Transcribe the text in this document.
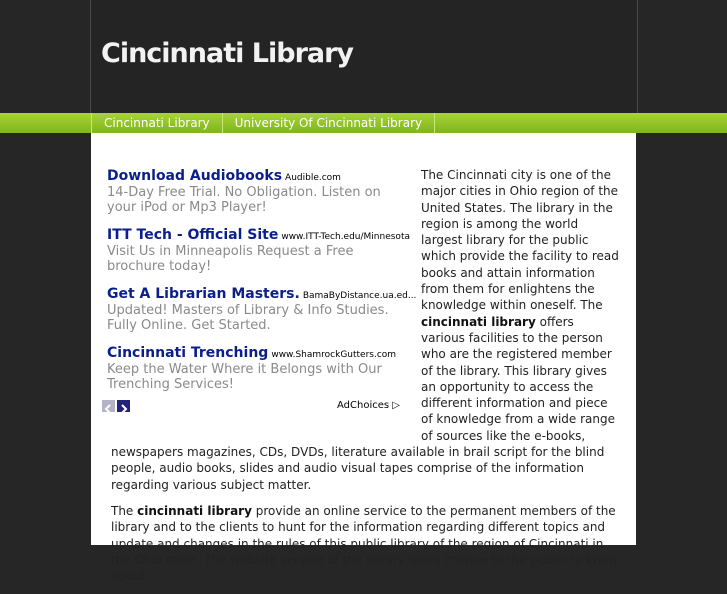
Cincinnati Library
Cincinnati Library	University Of Cincinnati Library
Download Audiobooks Audible.com
14-Day Free Trial. No Obligation. Listen on your iPod or Mp3 Player!
ITT Tech - Official Site www.ITT-Tech.edu/Minnesota
Visit Us in Minneapolis Request a Free brochure today!
Get A Librarian Masters. BamaByDistance.ua.ed...
Updated! Masters of Library & Info Studies. Fully Online. Get Started.
Cincinnati Trenching www.ShamrockGutters.com
Keep the Water Where it Belongs with Our Trenching Services!
AdChoices ▷

The Cincinnati city is one of the major cities in Ohio region of the United States. The library in the region is among the world largest library for the public which provide the facility to read books and attain information from them for enlightens the knowledge within oneself. The cincinnati library offers various facilities to the person who are the registered member of the library. This library gives an opportunity to access the different information and piece of knowledge from a wide range of sources like the e-books, newspapers magazines, CDs, DVDs, literature available in brail script for the blind people, audio books, slides and audio visual tapes comprise of the information regarding various subject matter.

The cincinnati library provide an online service to the permanent members of the library and to the clients to hunt for the information regarding different topics and update and changes in the rules of this public library of the region of Cincinnati in the Ohio state. The website service of the library gives chance to the public to know about
